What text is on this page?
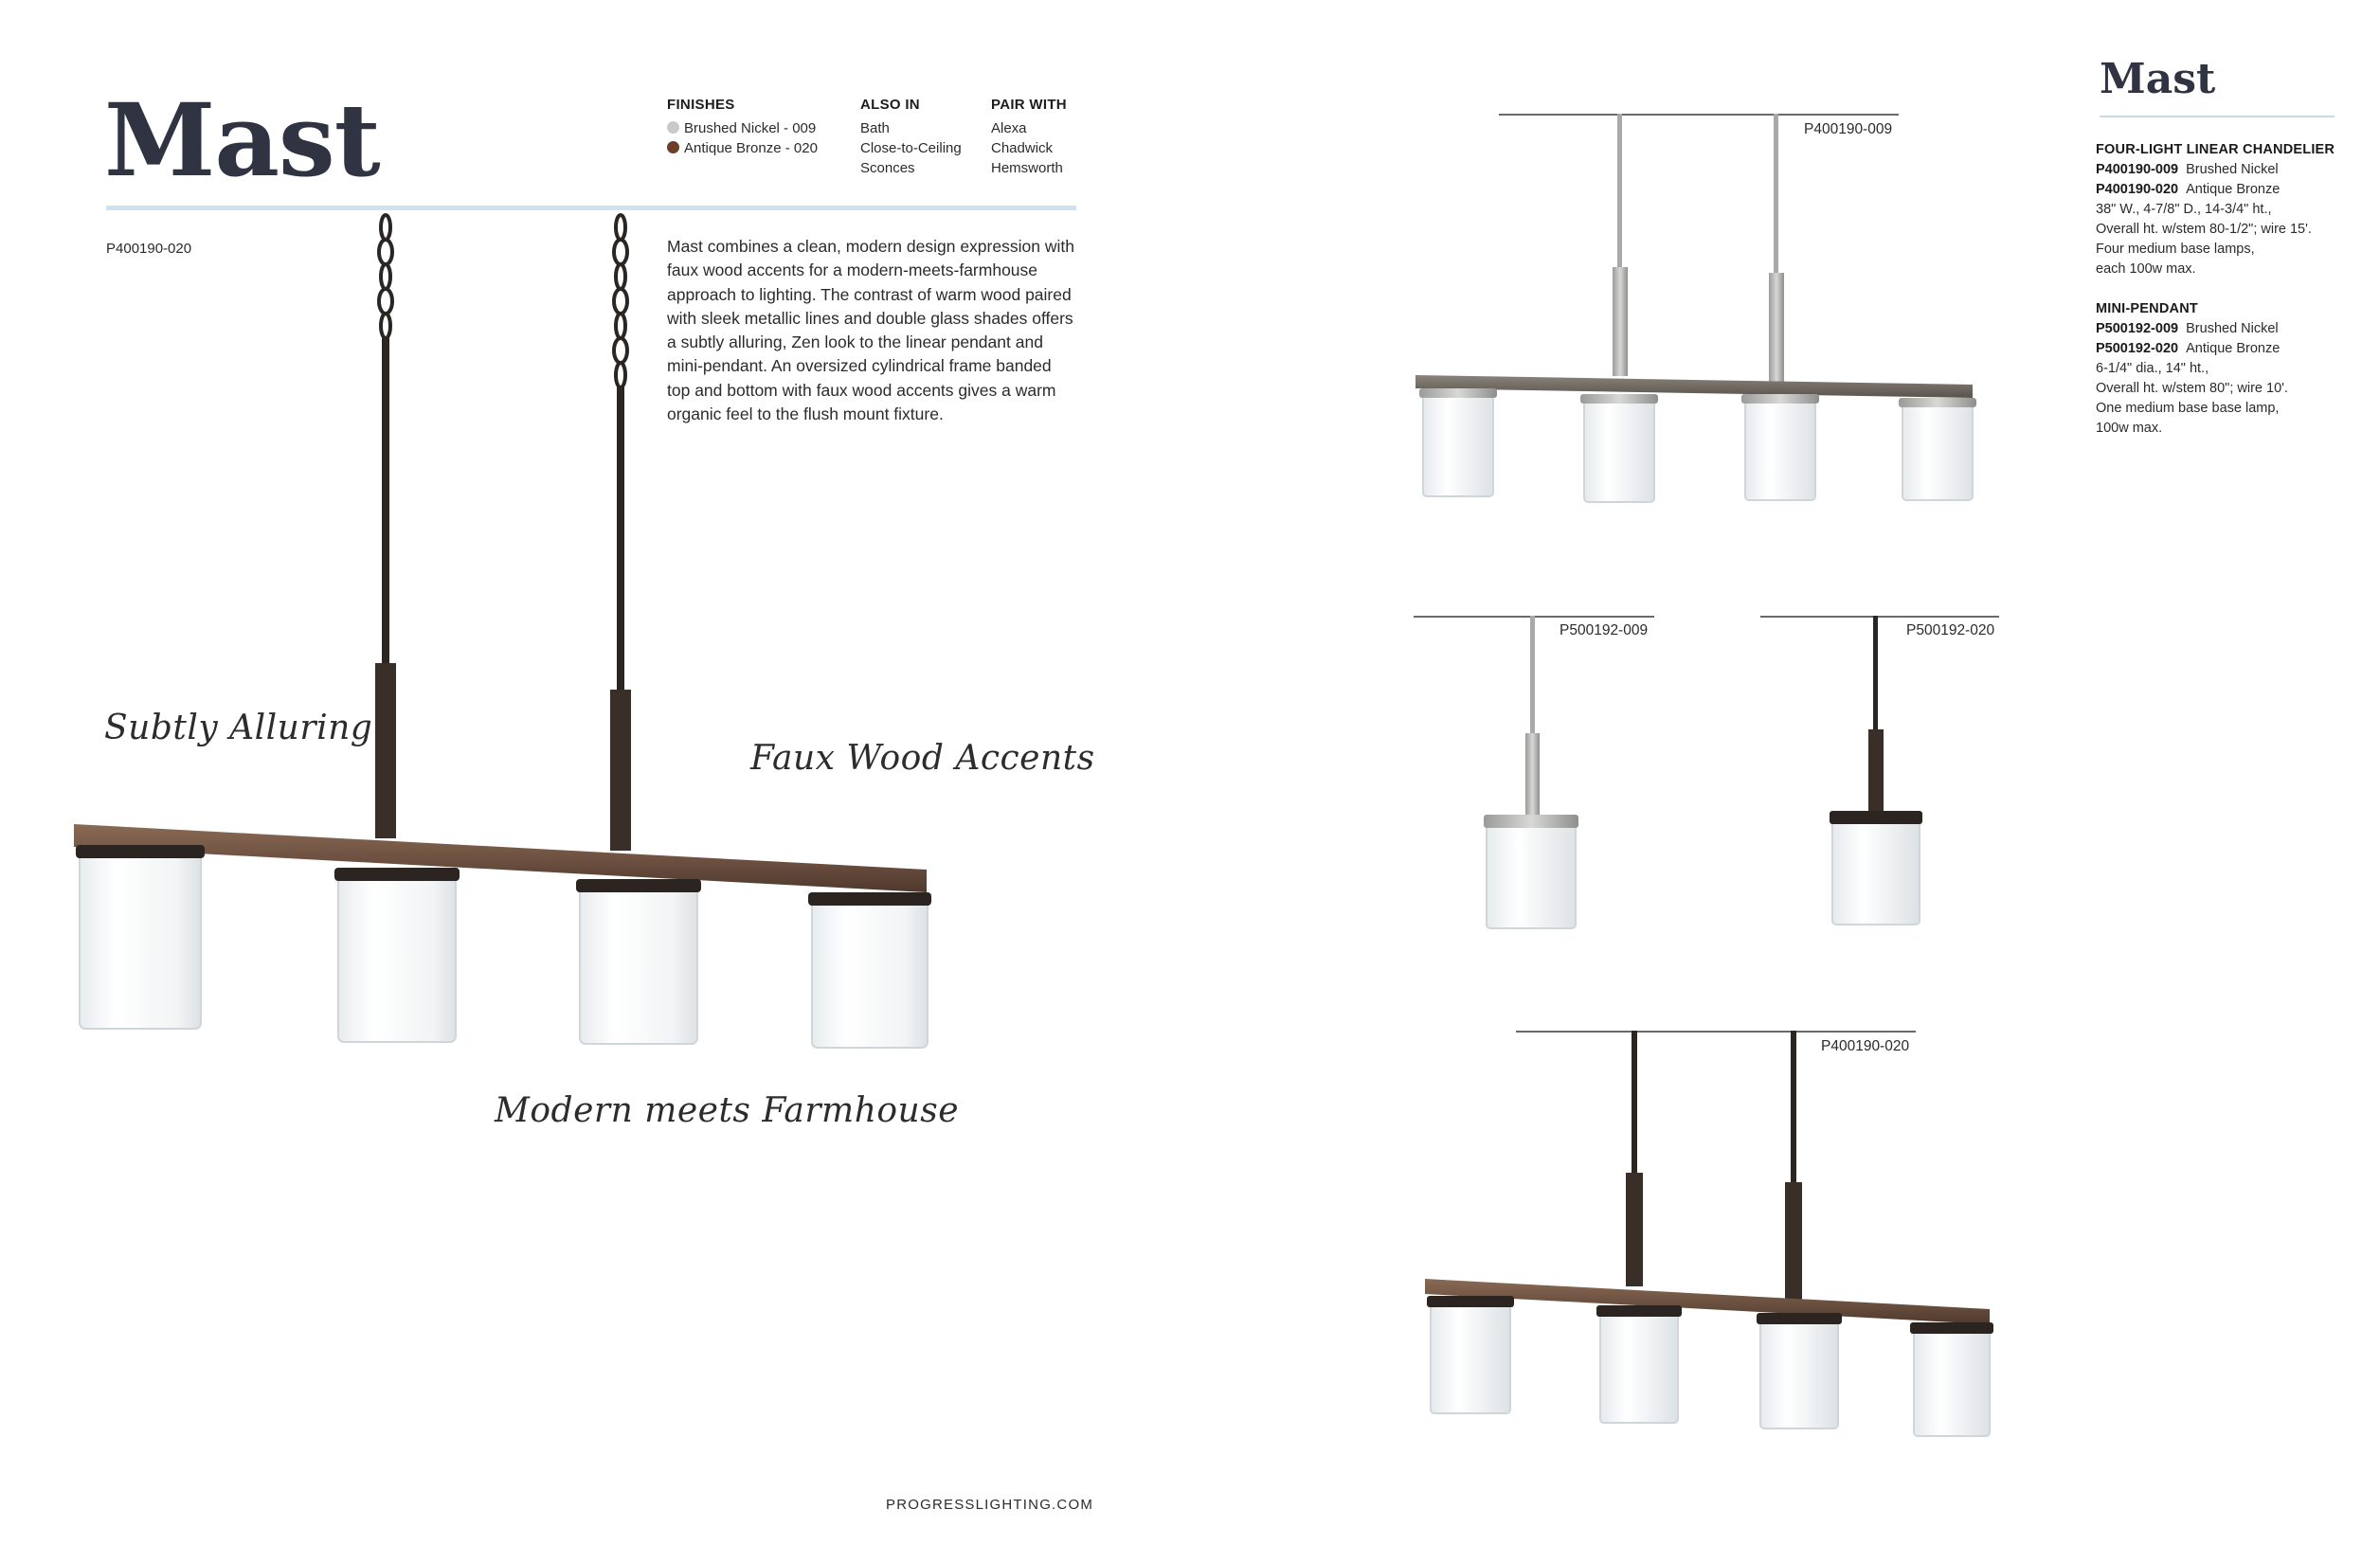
Mast	FINISHES
Brushed Nickel - 009
Antique Bronze - 020
ALSO IN
Bath
Close-to-Ceiling
Sconces
PAIR WITH
Alexa
Chadwick
Hemsworth
P400190-020	Mast combines a clean, modern design expression with faux wood accents for a modern-meets-farmhouse approach to lighting. The contrast of warm wood paired with sleek metallic lines and double glass shades offers a subtly alluring, Zen look to the linear pendant and mini-pendant. An oversized cylindrical frame banded top and bottom with faux wood accents gives a warm organic feel to the flush mount fixture.
Subtly Alluring
Faux Wood Accents
Modern meets Farmhouse
PROGRESSLIGHTING.COM
Mast
FOUR-LIGHT LINEAR CHANDELIER
P400190-009 Brushed Nickel
P400190-020 Antique Bronze
38" W., 4-7/8" D., 14-3/4" ht.,
Overall ht. w/stem 80-1/2"; wire 15'.
Four medium base lamps,
each 100w max.
MINI-PENDANT
P500192-009 Brushed Nickel
P500192-020 Antique Bronze
6-1/4" dia., 14" ht.,
Overall ht. w/stem 80"; wire 10'.
One medium base base lamp,
100w max.
P400190-009
P500192-009	P500192-020
P400190-020
